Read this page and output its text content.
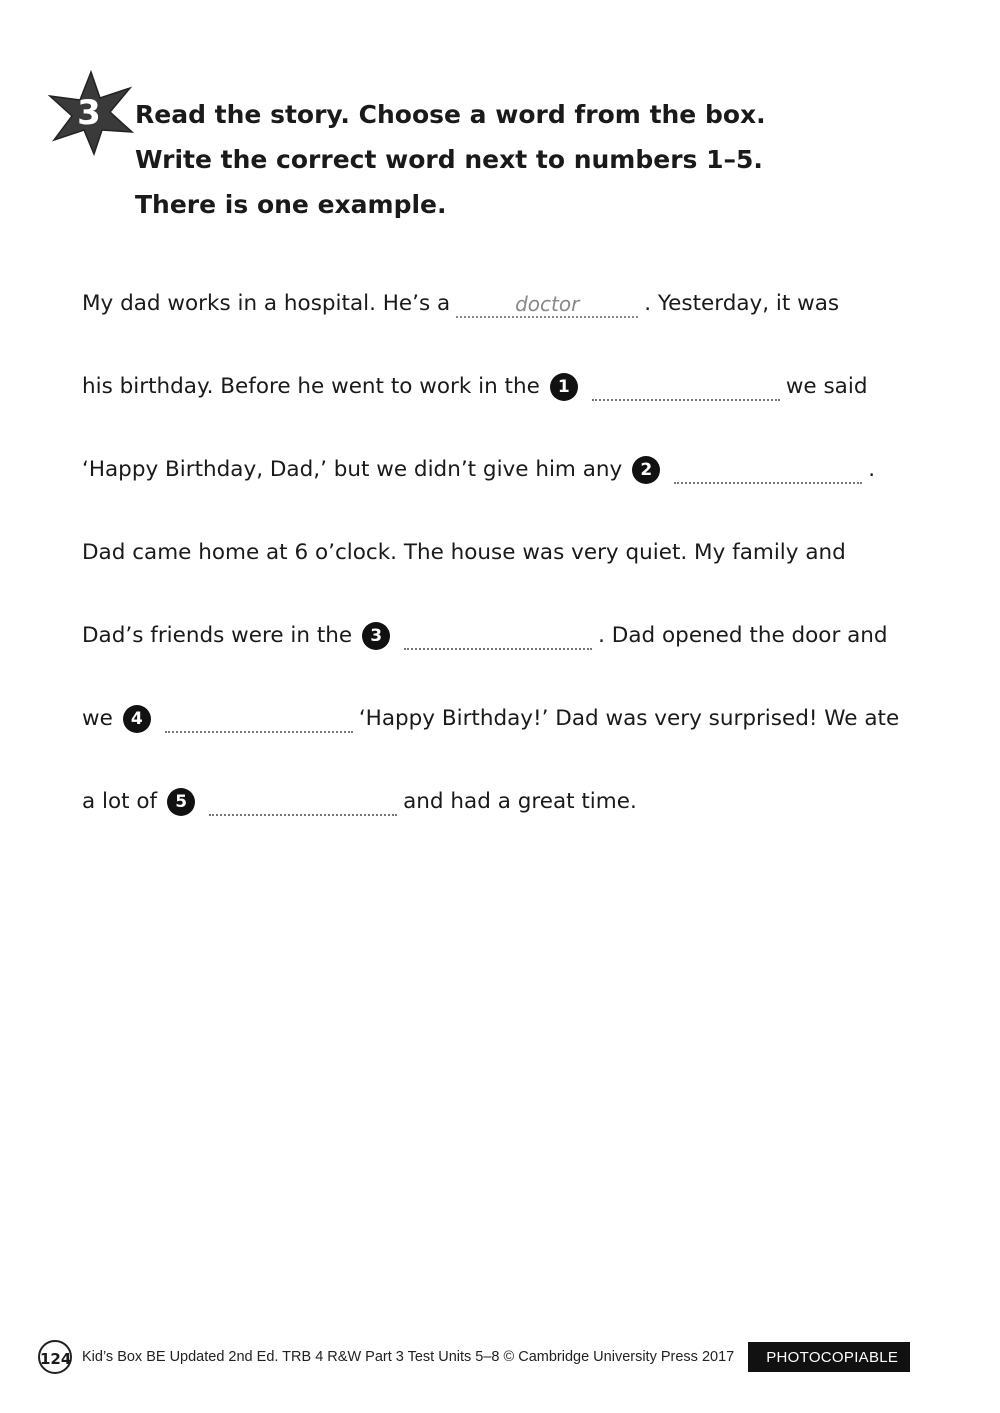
3	Read the story. Choose a word from the box.
Write the correct word next to numbers 1–5.
There is one example.
My dad works in a hospital. He’s a	doctor	. Yesterday, it was
his birthday. Before he went to work in the	1	we said
‘Happy Birthday, Dad,’ but we didn’t give him any	2	.
Dad came home at 6 o’clock. The house was very quiet. My family and
Dad’s friends were in the	3	. Dad opened the door and
we	4	‘Happy Birthday!’ Dad was very surprised! We ate
a lot of	5	and had a great time.
124 Kid’s Box BE Updated 2nd Ed. TRB 4 R&W Part 3 Test Units 5–8 © Cambridge University Press 2017	PHOTOCOPIABLE
